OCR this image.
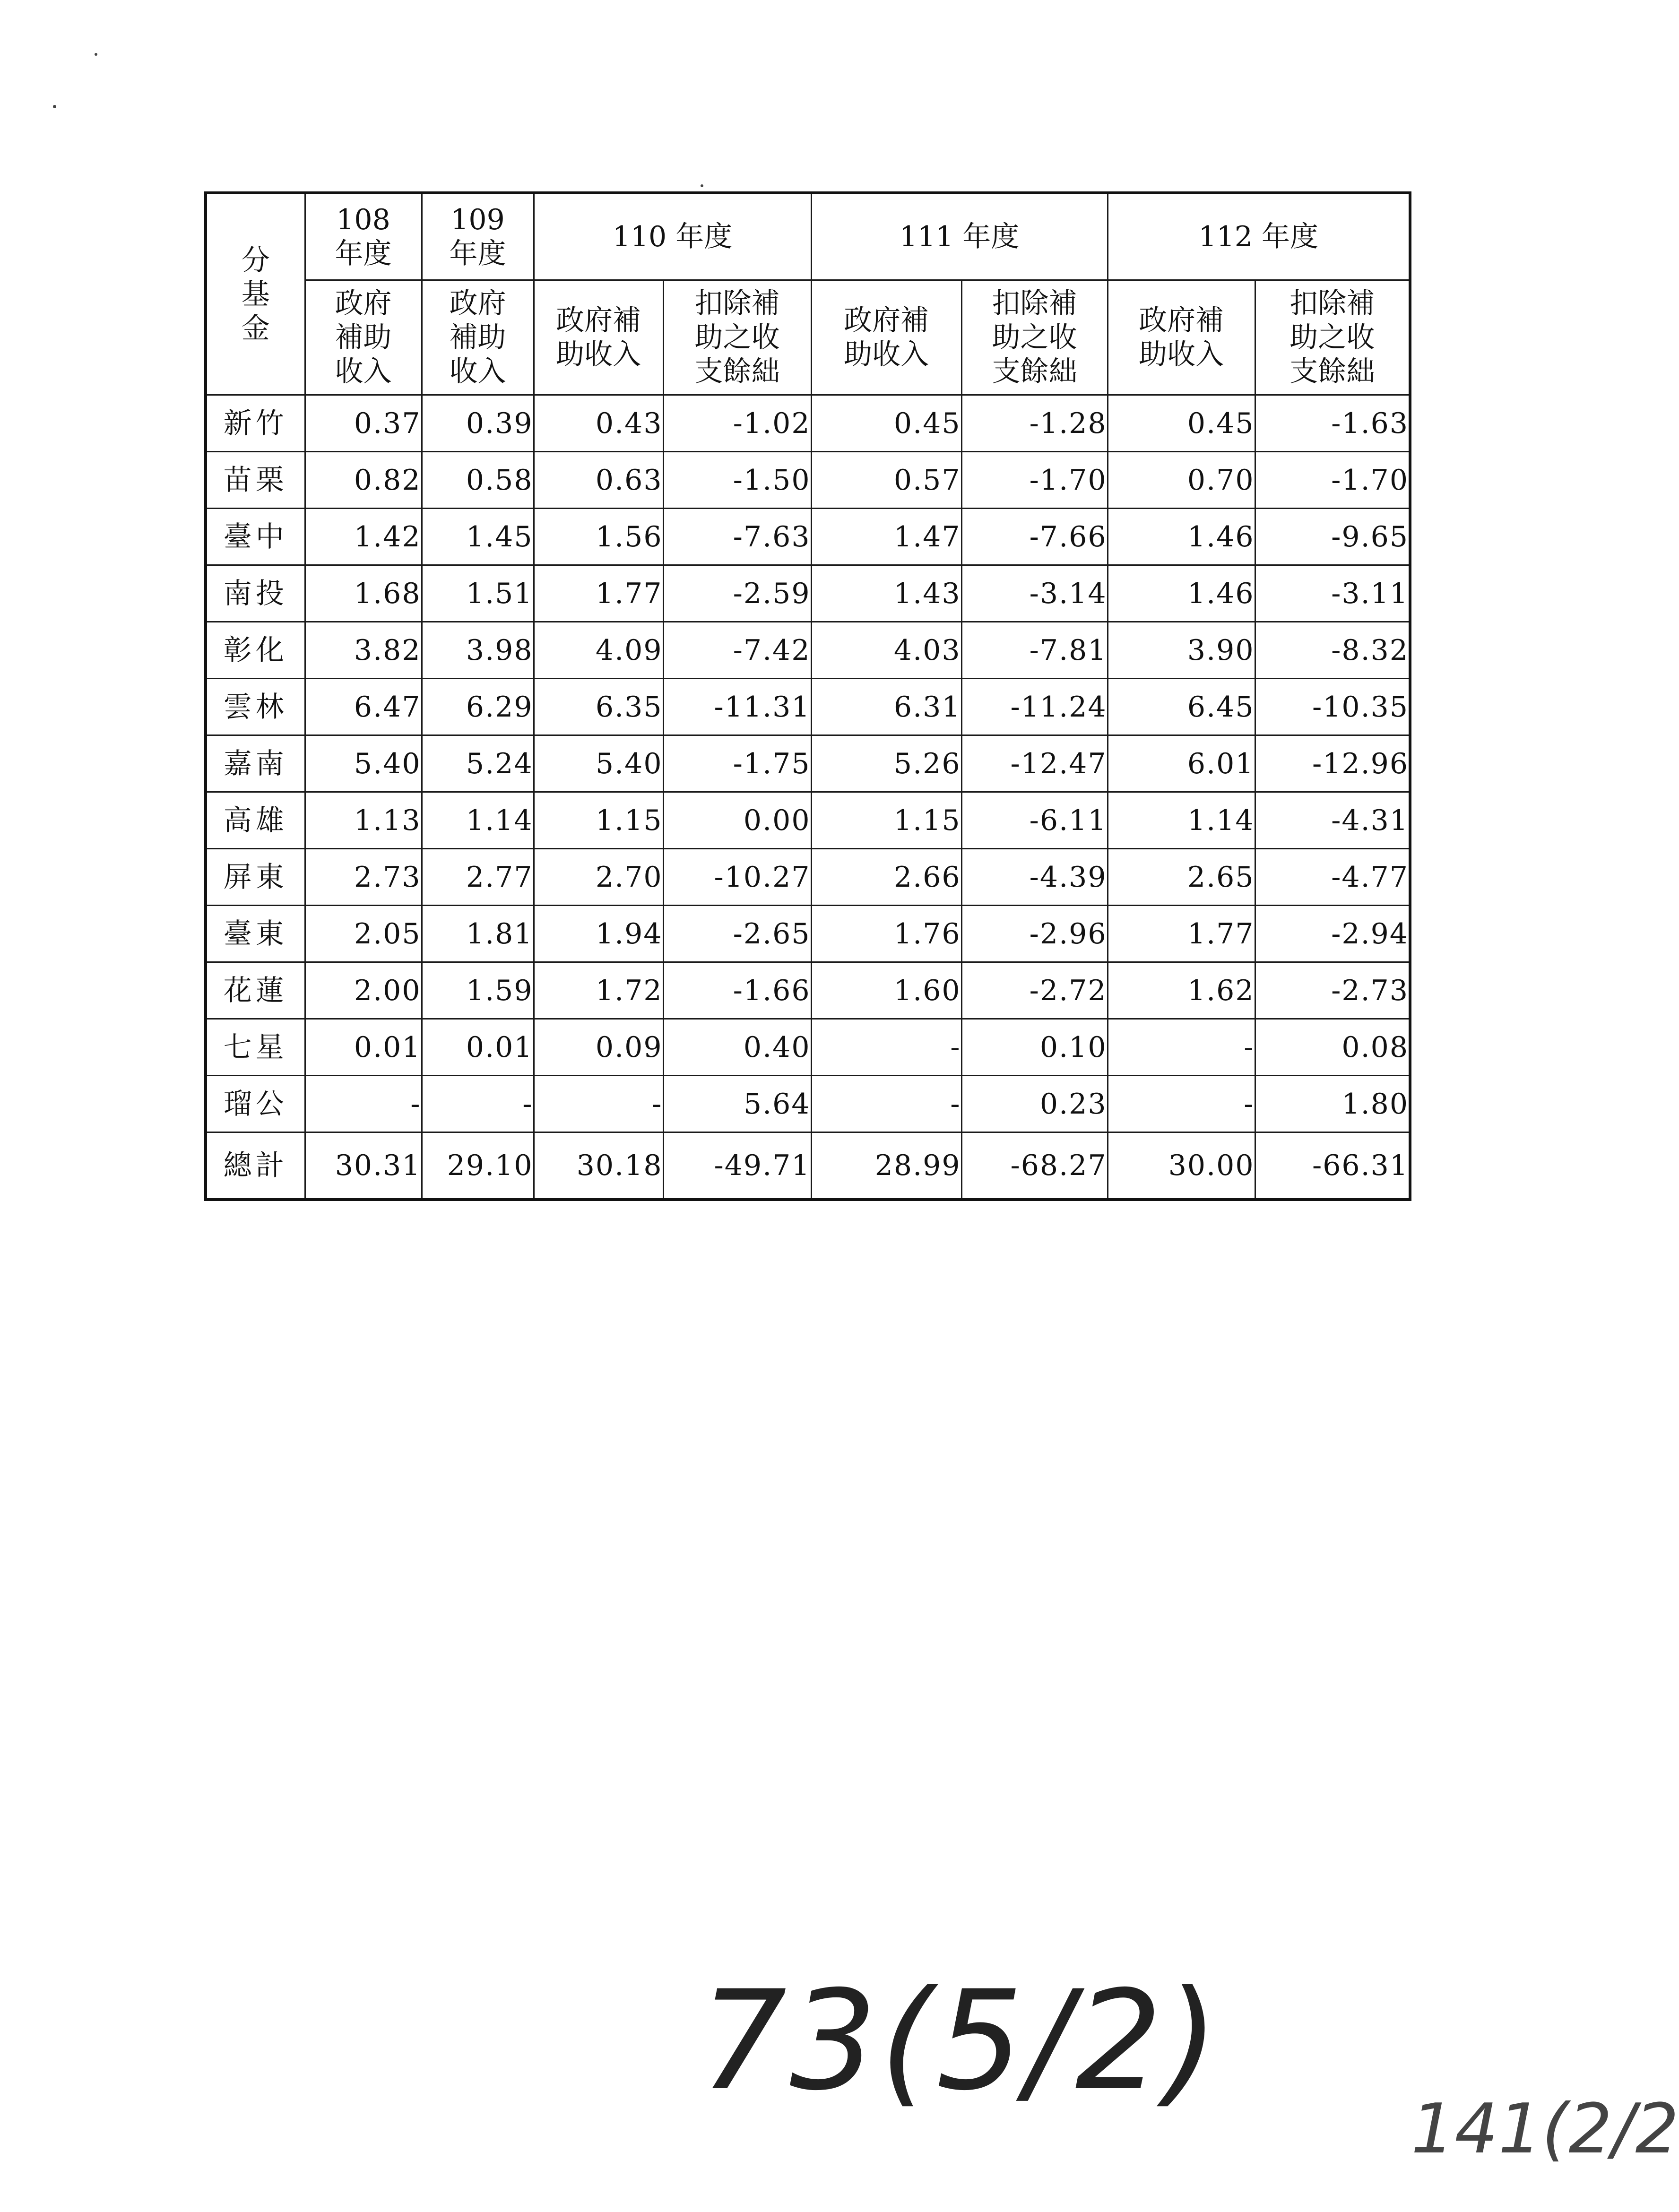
分基金	108 年度	109 年度	110 年度		111 年度		112 年度	
	政府補助收入	政府補助收入	政府補助收入	扣除補助之收支餘絀	政府補助收入	扣除補助之收支餘絀	政府補助收入	扣除補助之收支餘絀
新竹	0.37	0.39	0.43	-1.02	0.45	-1.28	0.45	-1.63
苗栗	0.82	0.58	0.63	-1.50	0.57	-1.70	0.70	-1.70
臺中	1.42	1.45	1.56	-7.63	1.47	-7.66	1.46	-9.65
南投	1.68	1.51	1.77	-2.59	1.43	-3.14	1.46	-3.11
彰化	3.82	3.98	4.09	-7.42	4.03	-7.81	3.90	-8.32
雲林	6.47	6.29	6.35	-11.31	6.31	-11.24	6.45	-10.35
嘉南	5.40	5.24	5.40	-1.75	5.26	-12.47	6.01	-12.96
高雄	1.13	1.14	1.15	0.00	1.15	-6.11	1.14	-4.31
屏東	2.73	2.77	2.70	-10.27	2.66	-4.39	2.65	-4.77
臺東	2.05	1.81	1.94	-2.65	1.76	-2.96	1.77	-2.94
花蓮	2.00	1.59	1.72	-1.66	1.60	-2.72	1.62	-2.73
七星	0.01	0.01	0.09	0.40	-	0.10	-	0.08
瑠公	-	-	-	5.64	-	0.23	-	1.80
總計	30.31	29.10	30.18	-49.71	28.99	-68.27	30.00	-66.31
73(5/2)
141(2/2
